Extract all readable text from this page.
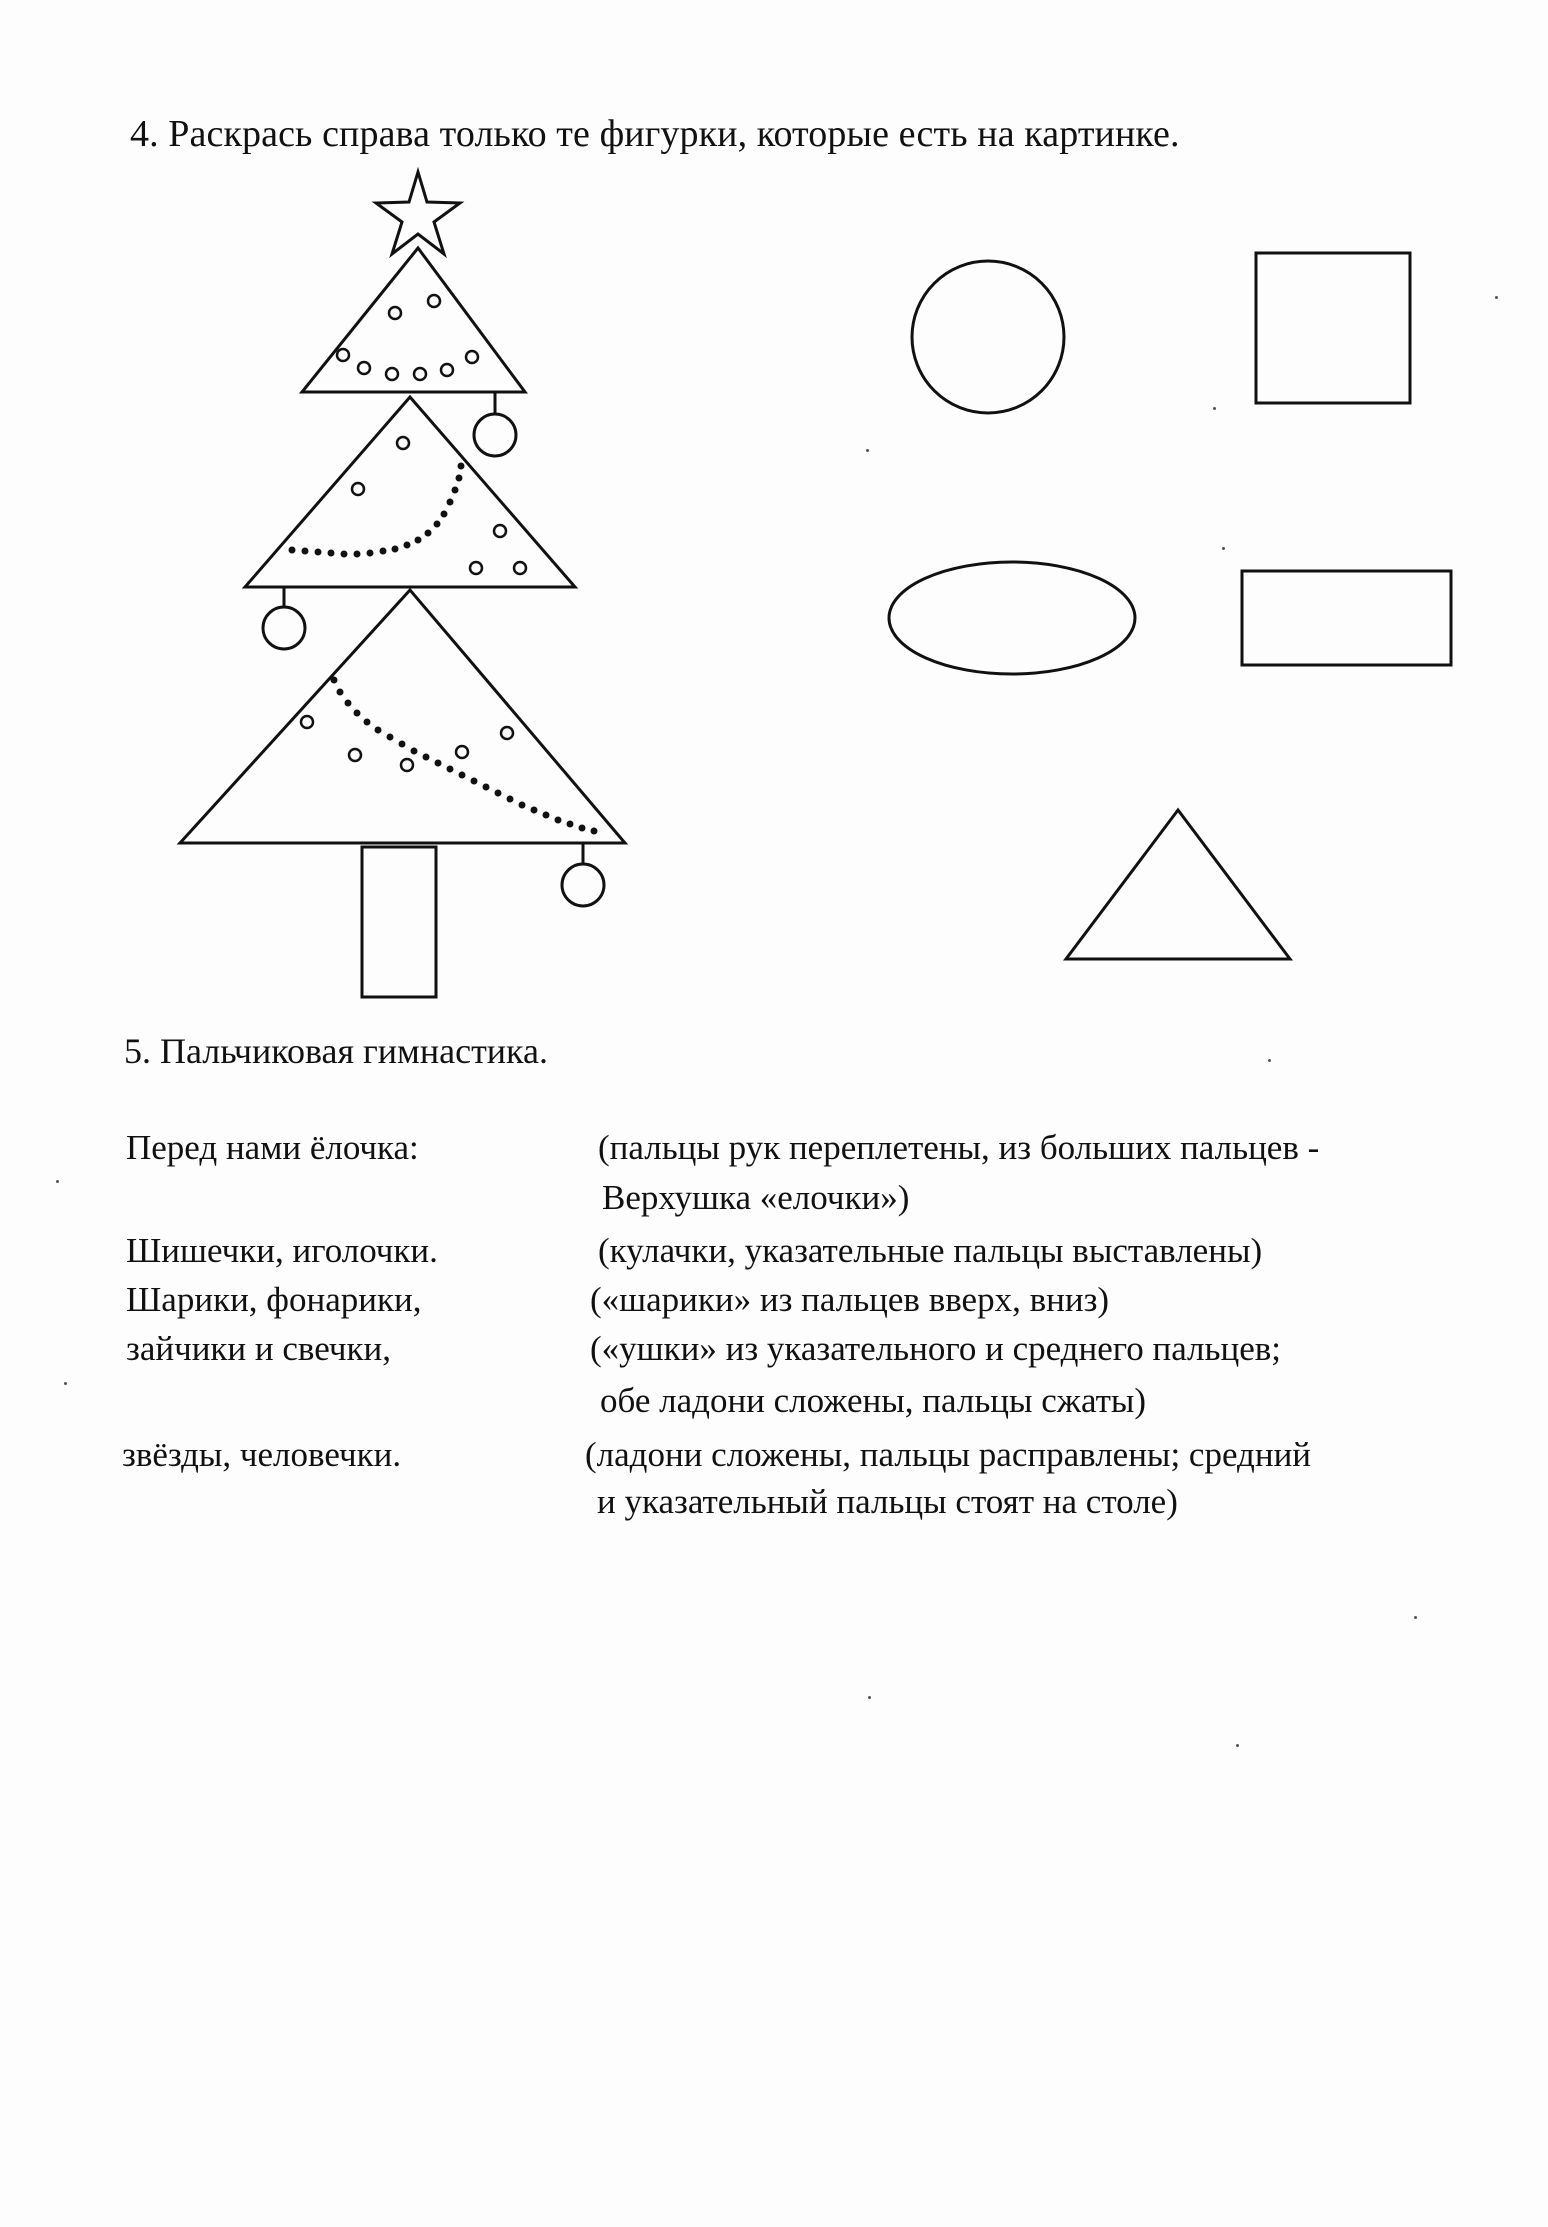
4. Раскрась справа только те фигурки, которые есть на картинке.
5. Пальчиковая гимнастика.
Перед нами ёлочка:
Шишечки, иголочки.
Шарики, фонарики,
зайчики и свечки,
звёзды, человечки.
(пальцы рук переплетены, из больших пальцев -
Верхушка «елочки»)
(кулачки, указательные пальцы выставлены)
(«шарики» из пальцев вверх, вниз)
(«ушки» из указательного и среднего пальцев;
обе ладони сложены, пальцы сжаты)
(ладони сложены, пальцы расправлены; средний
и указательный пальцы стоят на столе)
